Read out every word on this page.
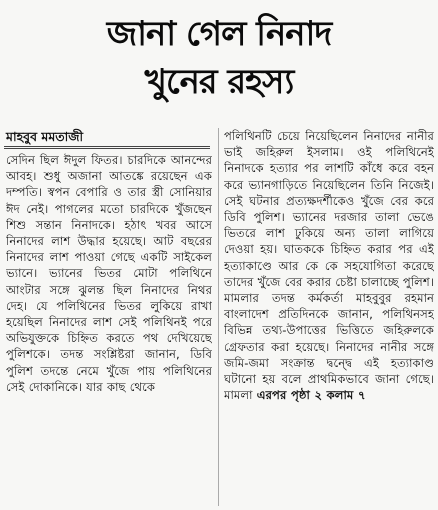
জানা গেল নিনাদ
খুনের রহস্য
মাহবুব মমতাজী
সেদিন ছিল ঈদুল ফিতর। চারদিকে আনন্দের আবহ। শুধু অজানা আতঙ্কে রয়েছেন এক দম্পতি। স্বপন বেপারি ও তার স্ত্রী সোনিয়ার ঈদ নেই। পাগলের মতো চারদিকে খুঁজছেন শিশু সন্তান নিনাদকে। হঠাৎ খবর আসে নিনাদের লাশ উদ্ধার হয়েছে। আট বছরের নিনাদের লাশ পাওয়া গেছে একটি সাইকেল ভ্যানে। ভ্যানের ভিতর মোটা পলিথিনে আংটার সঙ্গে ঝুলন্ত ছিল নিনাদের নিথর দেহ। যে পলিথিনের ভিতর লুকিয়ে রাখা হয়েছিল নিনাদের লাশ সেই পলিথিনই পরে অভিযুক্তকে চিহ্নিত করতে পথ দেখিয়েছে পুলিশকে। তদন্ত সংশ্লিষ্টরা জানান, ডিবি পুলিশ তদন্তে নেমে খুঁজে পায় পলিথিনের সেই দোকানিকে। যার কাছ থেকে
পলিথিনটি চেয়ে নিয়েছিলেন নিনাদের নানীর ভাই জহিরুল ইসলাম। ওই পলিথিনেই নিনাদকে হত্যার পর লাশটি কাঁধে করে বহন করে ভ্যানগাড়িতে নিয়েছিলেন তিনি নিজেই। সেই ঘটনার প্রত্যক্ষদর্শীকেও খুঁজে বের করে ডিবি পুলিশ। ভ্যানের দরজার তালা ভেঙে ভিতরে লাশ ঢুকিয়ে অন্য তালা লাগিয়ে দেওয়া হয়। ঘাতককে চিহ্নিত করার পর এই হত্যাকাণ্ডে আর কে কে সহযোগিতা করেছে তাদের খুঁজে বের করার চেষ্টা চালাচ্ছে পুলিশ। মামলার তদন্ত কর্মকর্তা মাহবুবুর রহমান বাংলাদেশ প্রতিদিনকে জানান, পলিথিনসহ বিভিন্ন তথ্য-উপাত্তের ভিত্তিতে জহিরুলকে গ্রেফতার করা হয়েছে। নিনাদের নানীর সঙ্গে জমি-জমা সংক্রান্ত দ্বন্দ্বে এই হত্যাকাণ্ড ঘটানো হয় বলে প্রাথমিকভাবে জানা গেছে। মামলা এরপর পৃষ্ঠা ২ কলাম ৭
